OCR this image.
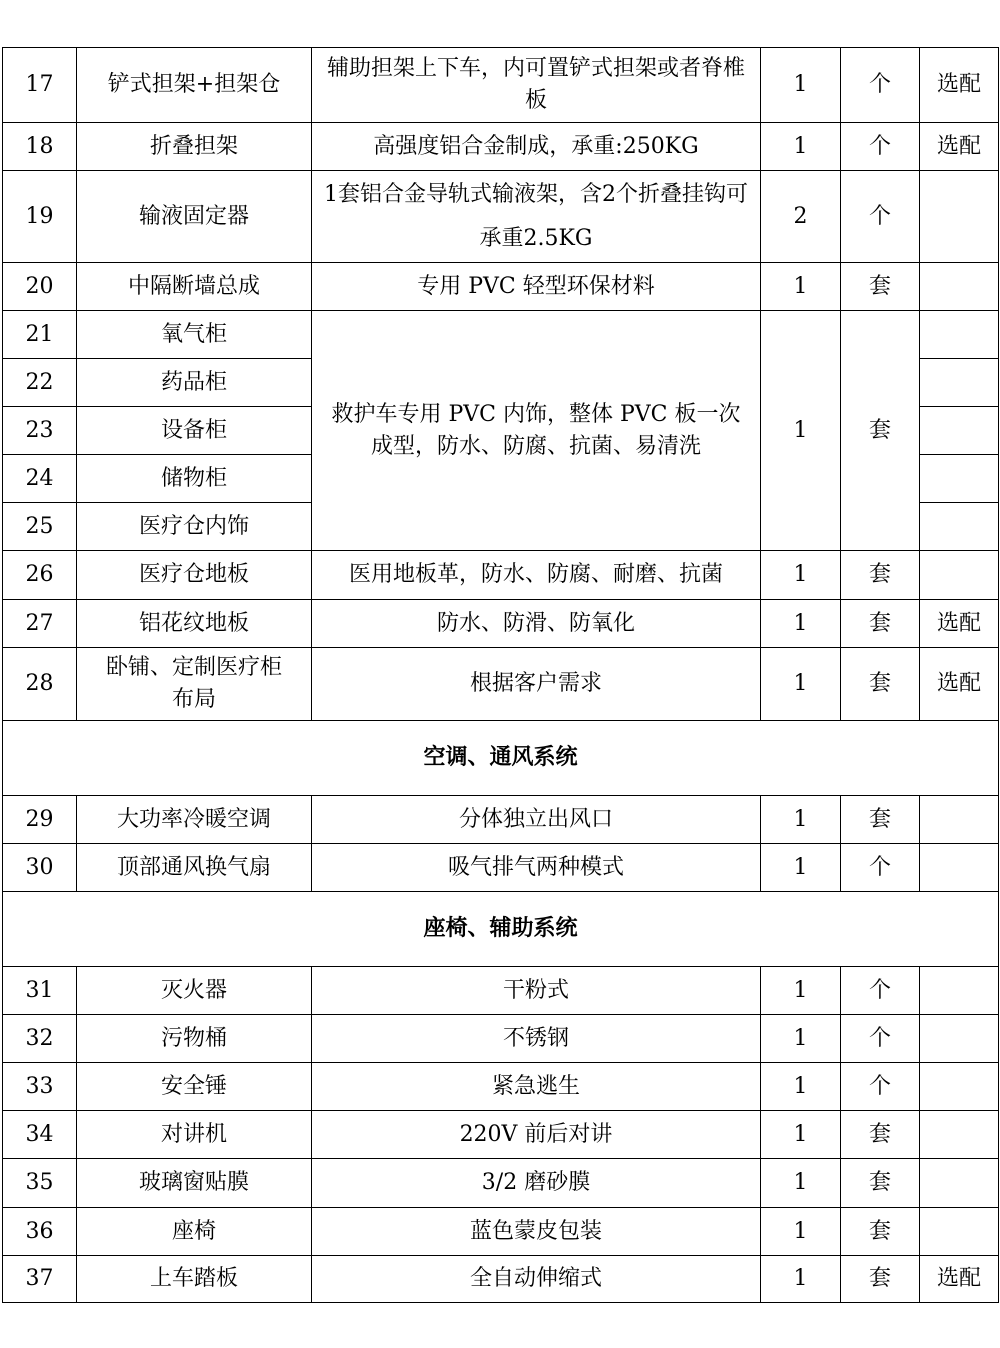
17	铲式担架+担架仓	辅助担架上下车，内可置铲式担架或者脊椎板	1	个	选配
18	折叠担架	高强度铝合金制成，承重:250KG	1	个	选配
19	输液固定器	1套铝合金导轨式输液架，含2个折叠挂钩可承重2.5KG	2	个	
20	中隔断墙总成	专用 PVC 轻型环保材料	1	套	
21	氧气柜	救护车专用 PVC 内饰，整体 PVC 板一次成型，防水、防腐、抗菌、易清洗	1	套	
22	药品柜				
23	设备柜				
24	储物柜				
25	医疗仓内饰				
26	医疗仓地板	医用地板革，防水、防腐、耐磨、抗菌	1	套	
27	铝花纹地板	防水、防滑、防氧化	1	套	选配
28	卧铺、定制医疗柜布局	根据客户需求	1	套	选配
空调、通风系统					
29	大功率冷暖空调	分体独立出风口	1	套	
30	顶部通风换气扇	吸气排气两种模式	1	个	
座椅、辅助系统					
31	灭火器	干粉式	1	个	
32	污物桶	不锈钢	1	个	
33	安全锤	紧急逃生	1	个	
34	对讲机	220V 前后对讲	1	套	
35	玻璃窗贴膜	3/2 磨砂膜	1	套	
36	座椅	蓝色蒙皮包装	1	套	
37	上车踏板	全自动伸缩式	1	套	选配
